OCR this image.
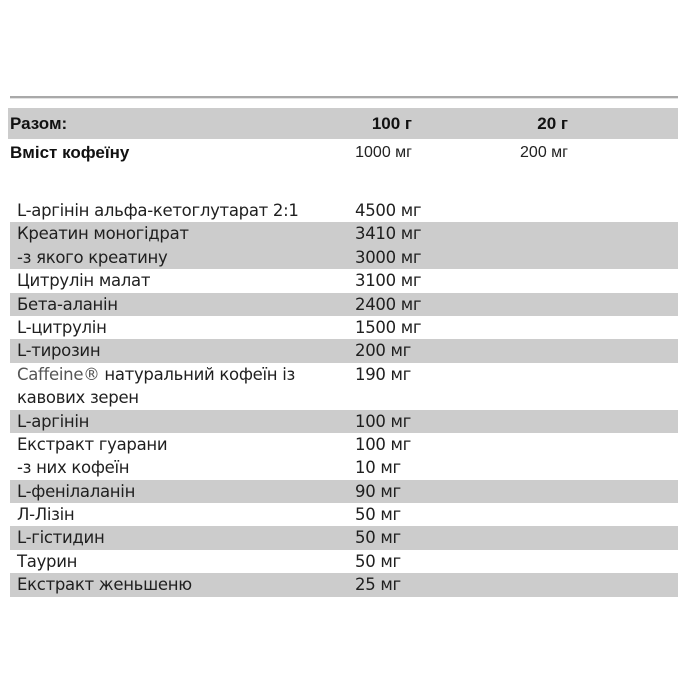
Разом:	100 г	20 г
Вміст кофеїну	1000 мг	200 мг
L-аргінін альфа-кетоглутарат 2:1	4500 мг
Креатин моногідрат	3410 мг
-з якого креатину	3000 мг
Цитрулін малат	3100 мг
Бета-аланін	2400 мг
L-цитрулін	1500 мг
L-тирозин	200 мг
Caffeine® натуральний кофеїн із	190 мг
кавових зерен
L-аргінін	100 мг
Екстракт гуарани	100 мг
-з них кофеїн	10 мг
L-фенілаланін	90 мг
Л-Лізін	50 мг
L-гістидин	50 мг
Таурин	50 мг
Екстракт женьшеню	25 мг
